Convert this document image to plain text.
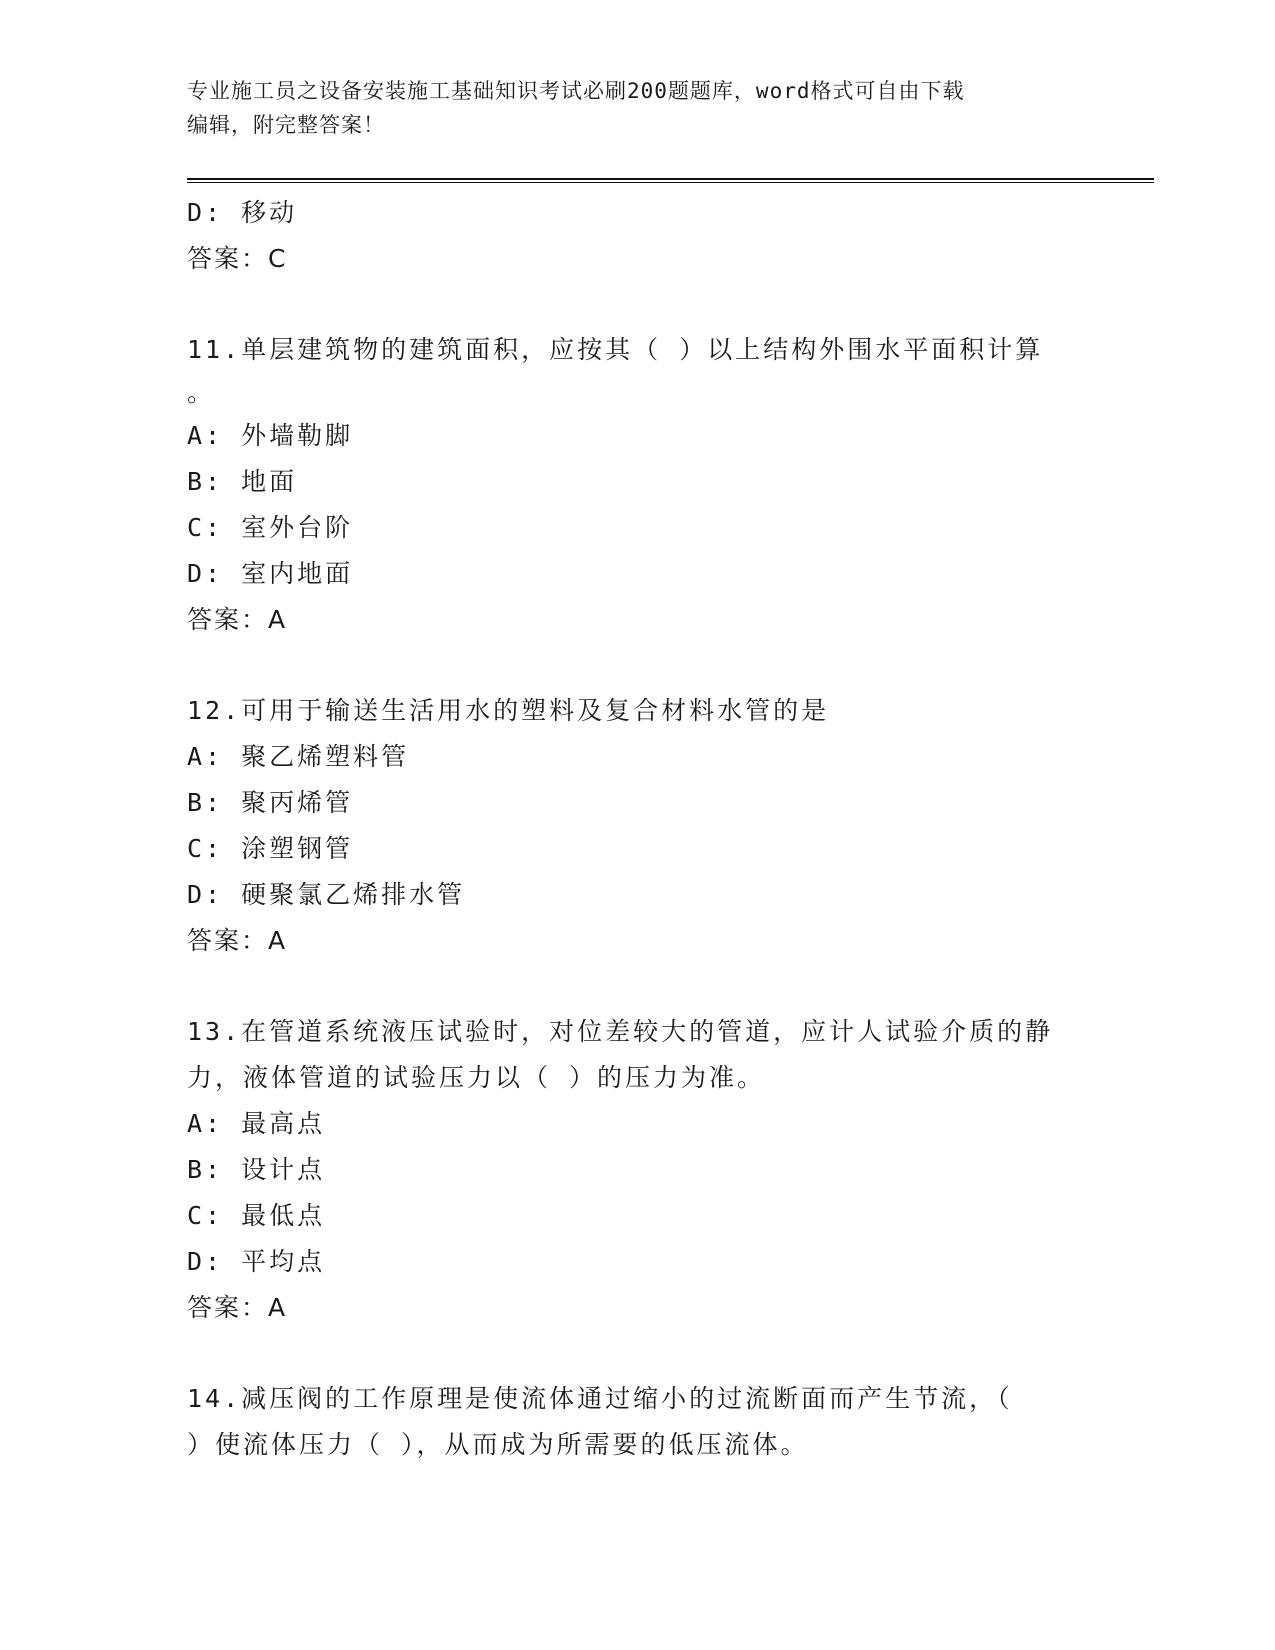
专业施工员之设备安装施工基础知识考试必刷200题题库，word格式可自由下载
编辑，附完整答案！
D: 移动
答案：C
11.单层建筑物的建筑面积，应按其（ ）以上结构外围水平面积计算
。
A: 外墙勒脚
B: 地面
C: 室外台阶
D: 室内地面
答案：A
12.可用于输送生活用水的塑料及复合材料水管的是
A: 聚乙烯塑料管
B: 聚丙烯管
C: 涂塑钢管
D: 硬聚氯乙烯排水管
答案：A
13.在管道系统液压试验时，对位差较大的管道，应计人试验介质的静
力，液体管道的试验压力以（ ）的压力为准。
A: 最高点
B: 设计点
C: 最低点
D: 平均点
答案：A
14.减压阀的工作原理是使流体通过缩小的过流断面而产生节流，（
）使流体压力（ ），从而成为所需要的低压流体。
